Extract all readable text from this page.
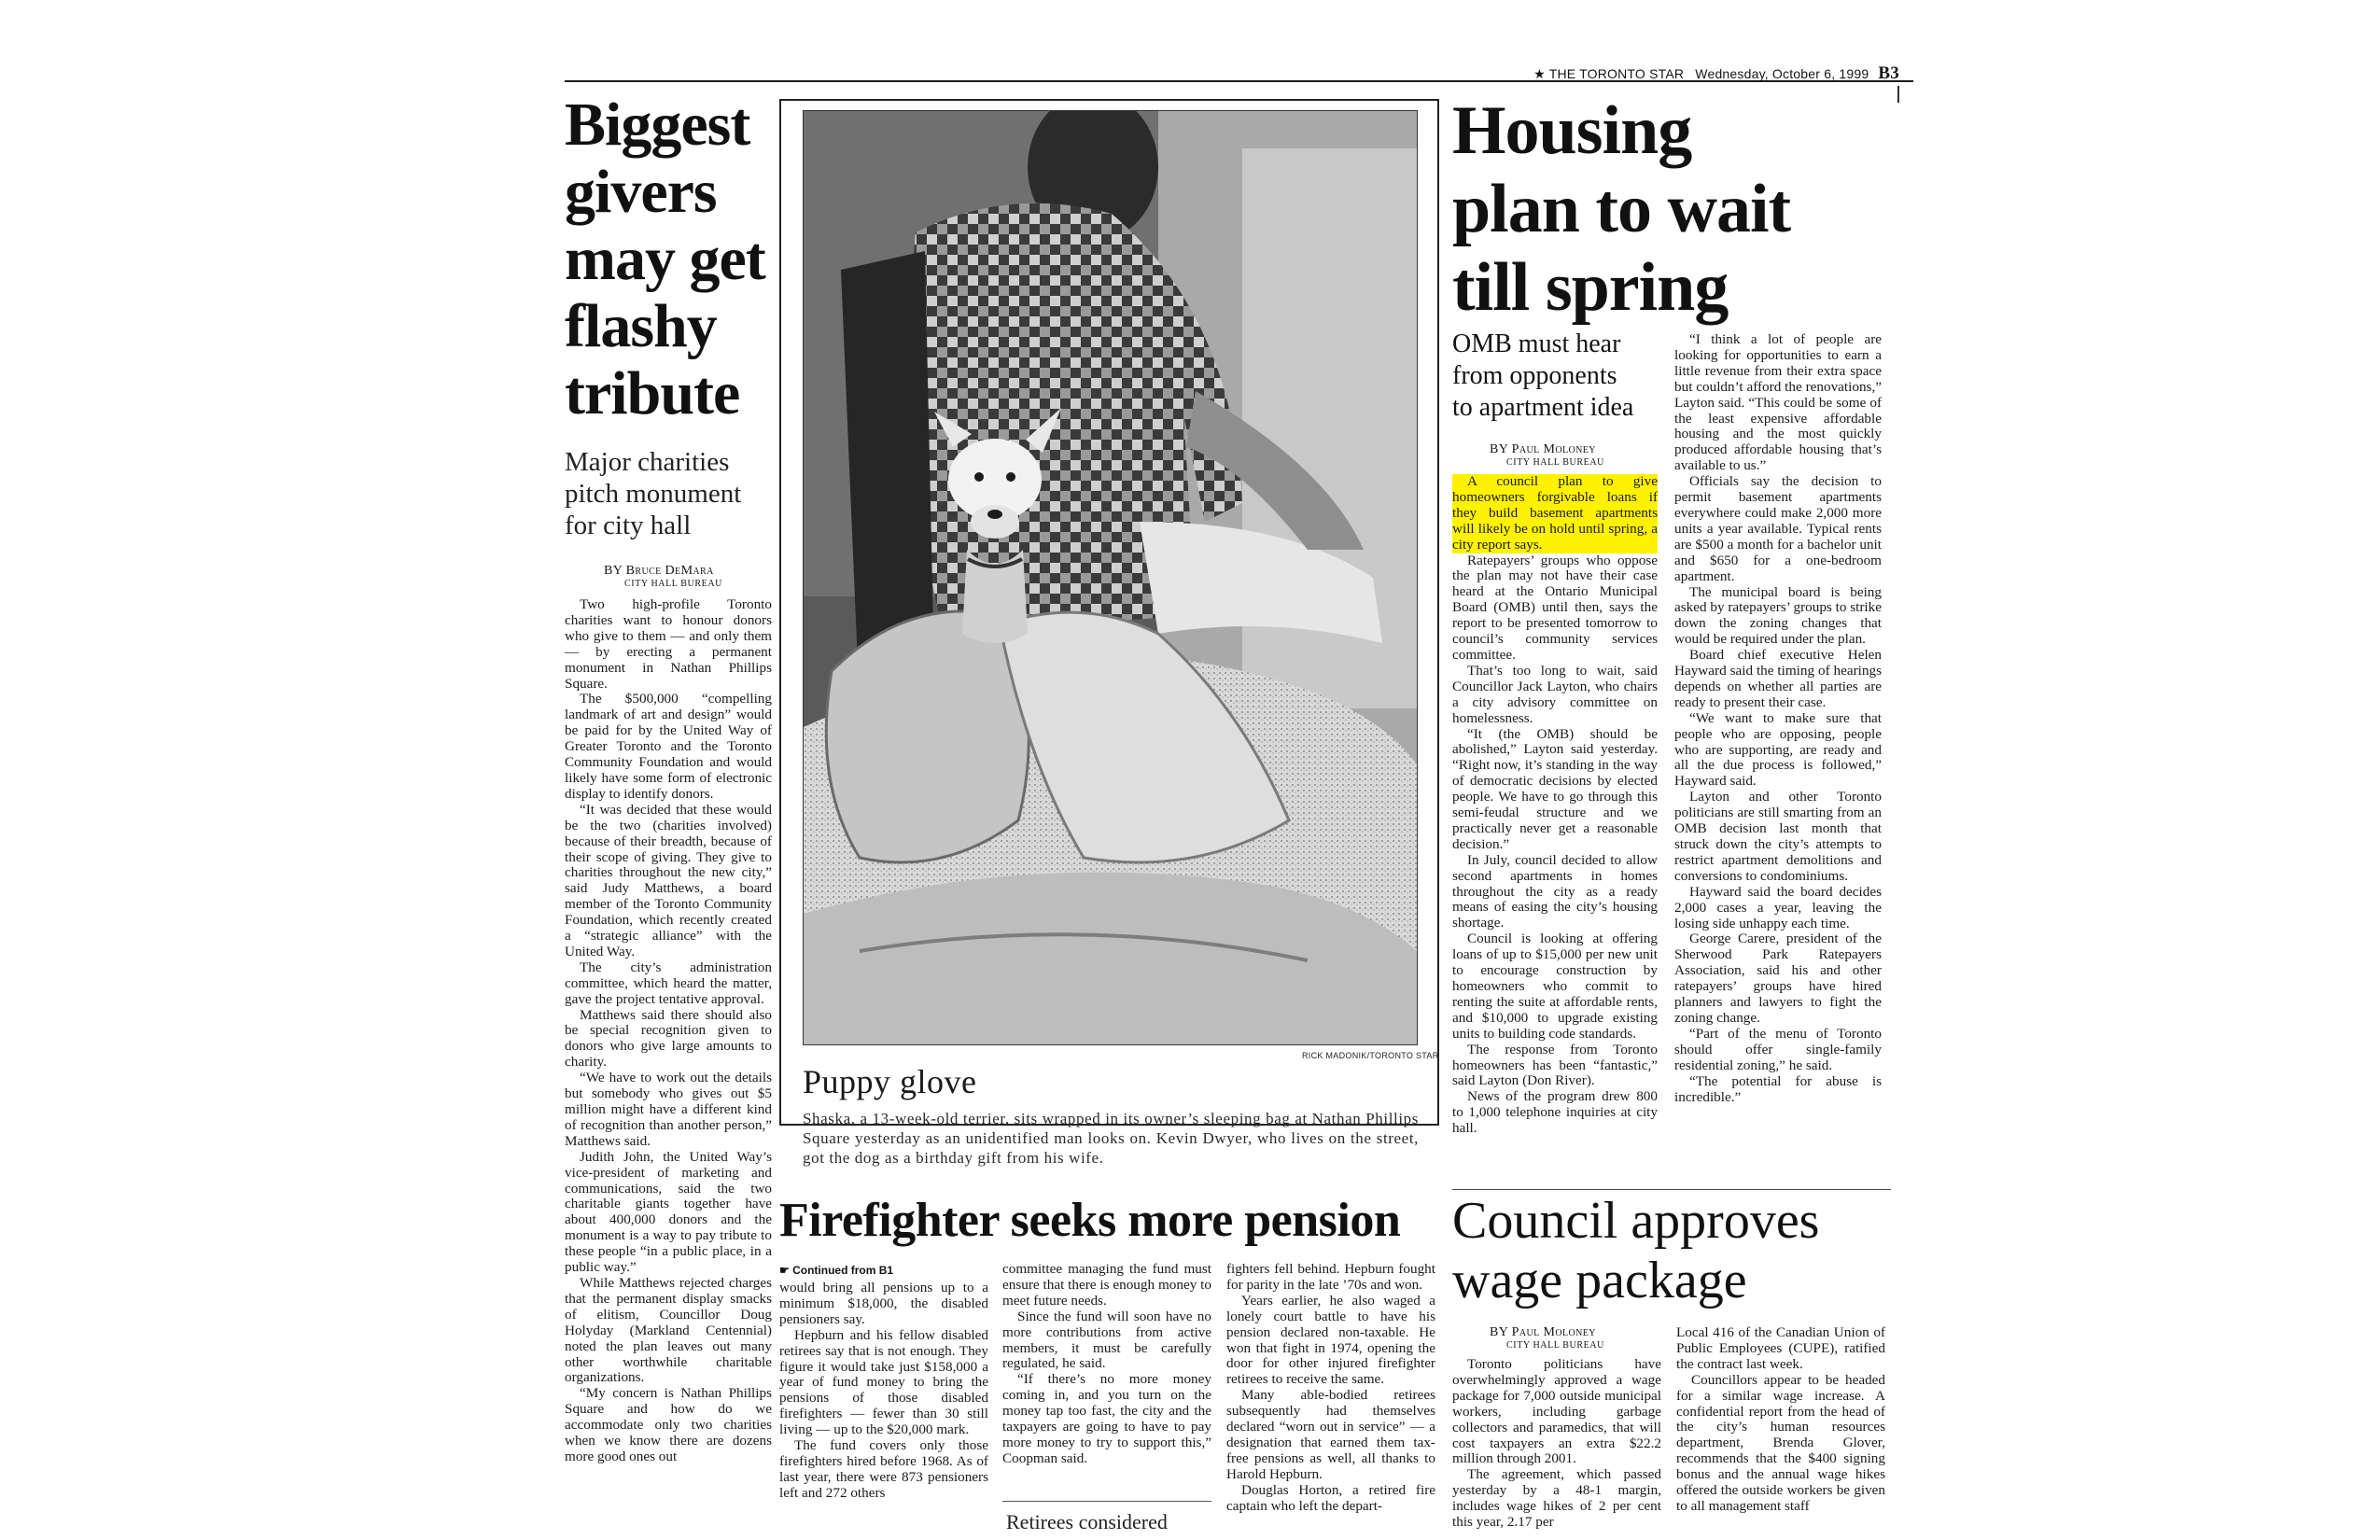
★ THE TORONTO STAR Wednesday, October 6, 1999 B3
Biggest
givers
may get
flashy
tribute
Major charities
pitch monument
for city hall
BY Bruce DeMara
CITY HALL BUREAU

Two high-profile Toronto charities want to honour donors who give to them — and only them — by erecting a permanent monument in Nathan Phillips Square.

The $500,000 “compelling landmark of art and design” would be paid for by the United Way of Greater Toronto and the Toronto Community Foundation and would likely have some form of electronic display to identify donors.

“It was decided that these would be the two (charities involved) because of their breadth, because of their scope of giving. They give to charities throughout the new city,” said Judy Matthews, a board member of the Toronto Community Foundation, which recently created a “strategic alliance” with the United Way.

The city’s administration committee, which heard the matter, gave the project tentative approval.

Matthews said there should also be special recognition given to donors who give large amounts to charity.

“We have to work out the details but somebody who gives out $5 million might have a different kind of recognition than another person,” Matthews said.

Judith John, the United Way’s vice-president of marketing and communications, said the two charitable giants together have about 400,000 donors and the monument is a way to pay tribute to these people “in a public place, in a public way.”

While Matthews rejected charges that the permanent display smacks of elitism, Councillor Doug Holyday (Markland Centennial) noted the plan leaves out many other worthwhile charitable organizations.

“My concern is Nathan Phillips Square and how do we accommodate only two charities when we know there are dozens more good ones out

RICK MADONIK/TORONTO STAR
Puppy glove
Shaska, a 13-week-old terrier, sits wrapped in its owner’s sleeping bag at Nathan Phillips Square yesterday as an unidentified man looks on. Kevin Dwyer, who lives on the street, got the dog as a birthday gift from his wife.
Housing
plan to wait
till spring
OMB must hear
from opponents
to apartment idea
BY Paul Moloney
CITY HALL BUREAU

A council plan to give homeowners forgivable loans if they build basement apartments will likely be on hold until spring, a city report says.

Ratepayers’ groups who oppose the plan may not have their case heard at the Ontario Municipal Board (OMB) until then, says the report to be presented tomorrow to council’s community services committee.

That’s too long to wait, said Councillor Jack Layton, who chairs a city advisory committee on homelessness.

“It (the OMB) should be abolished,” Layton said yesterday. “Right now, it’s standing in the way of democratic decisions by elected people. We have to go through this semi-feudal structure and we practically never get a reasonable decision.”

In July, council decided to allow second apartments in homes throughout the city as a ready means of easing the city’s housing shortage.

Council is looking at offering loans of up to $15,000 per new unit to encourage construction by homeowners who commit to renting the suite at affordable rents, and $10,000 to upgrade existing units to building code standards.

The response from Toronto homeowners has been “fantastic,” said Layton (Don River).

News of the program drew 800 to 1,000 telephone inquiries at city hall.

“I think a lot of people are looking for opportunities to earn a little revenue from their extra space but couldn’t afford the renovations,” Layton said. “This could be some of the least expensive affordable housing and the most quickly produced affordable housing that’s available to us.”

Officials say the decision to permit basement apartments everywhere could make 2,000 more units a year available. Typical rents are $500 a month for a bachelor unit and $650 for a one-bedroom apartment.

The municipal board is being asked by ratepayers’ groups to strike down the zoning changes that would be required under the plan.

Board chief executive Helen Hayward said the timing of hearings depends on whether all parties are ready to present their case.

“We want to make sure that people who are opposing, people who are supporting, are ready and all the due process is followed,” Hayward said.

Layton and other Toronto politicians are still smarting from an OMB decision last month that struck down the city’s attempts to restrict apartment demolitions and conversions to condominiums.

Hayward said the board decides 2,000 cases a year, leaving the losing side unhappy each time.

George Carere, president of the Sherwood Park Ratepayers Association, said his and other ratepayers’ groups have hired planners and lawyers to fight the zoning change.

“Part of the menu of Toronto should offer single-family residential zoning,” he said.

“The potential for abuse is incredible.”

Firefighter seeks more pension
☛ Continued from B1

would bring all pensions up to a minimum $18,000, the disabled pensioners say.

Hepburn and his fellow disabled retirees say that is not enough. They figure it would take just $158,000 a year of fund money to bring the pensions of those disabled firefighters — fewer than 30 still living — up to the $20,000 mark.

The fund covers only those firefighters hired before 1968. As of last year, there were 873 pensioners left and 272 others

committee managing the fund must ensure that there is enough money to meet future needs.

Since the fund will soon have no more contributions from active members, it must be carefully regulated, he said.

“If there’s no more money coming in, and you turn on the money tap too fast, the city and the taxpayers are going to have to pay more money to try to support this,” Coopman said.

Retirees considered

fighters fell behind. Hepburn fought for parity in the late ’70s and won.

Years earlier, he also waged a lonely court battle to have his pension declared non-taxable. He won that fight in 1974, opening the door for other injured firefighter retirees to receive the same.

Many able-bodied retirees subsequently had themselves declared “worn out in service” — a designation that earned them tax-free pensions as well, all thanks to Harold Hepburn.

Douglas Horton, a retired fire captain who left the depart-

Council approves
wage package
BY Paul Moloney
CITY HALL BUREAU

Toronto politicians have overwhelmingly approved a wage package for 7,000 outside municipal workers, including garbage collectors and paramedics, that will cost taxpayers an extra $22.2 million through 2001.

The agreement, which passed yesterday by a 48-1 margin, includes wage hikes of 2 per cent this year, 2.17 per

Local 416 of the Canadian Union of Public Employees (CUPE), ratified the contract last week.

Councillors appear to be headed for a similar wage increase. A confidential report from the head of the city’s human resources department, Brenda Glover, recommends that the $400 signing bonus and the annual wage hikes offered the outside workers be given to all management staff
